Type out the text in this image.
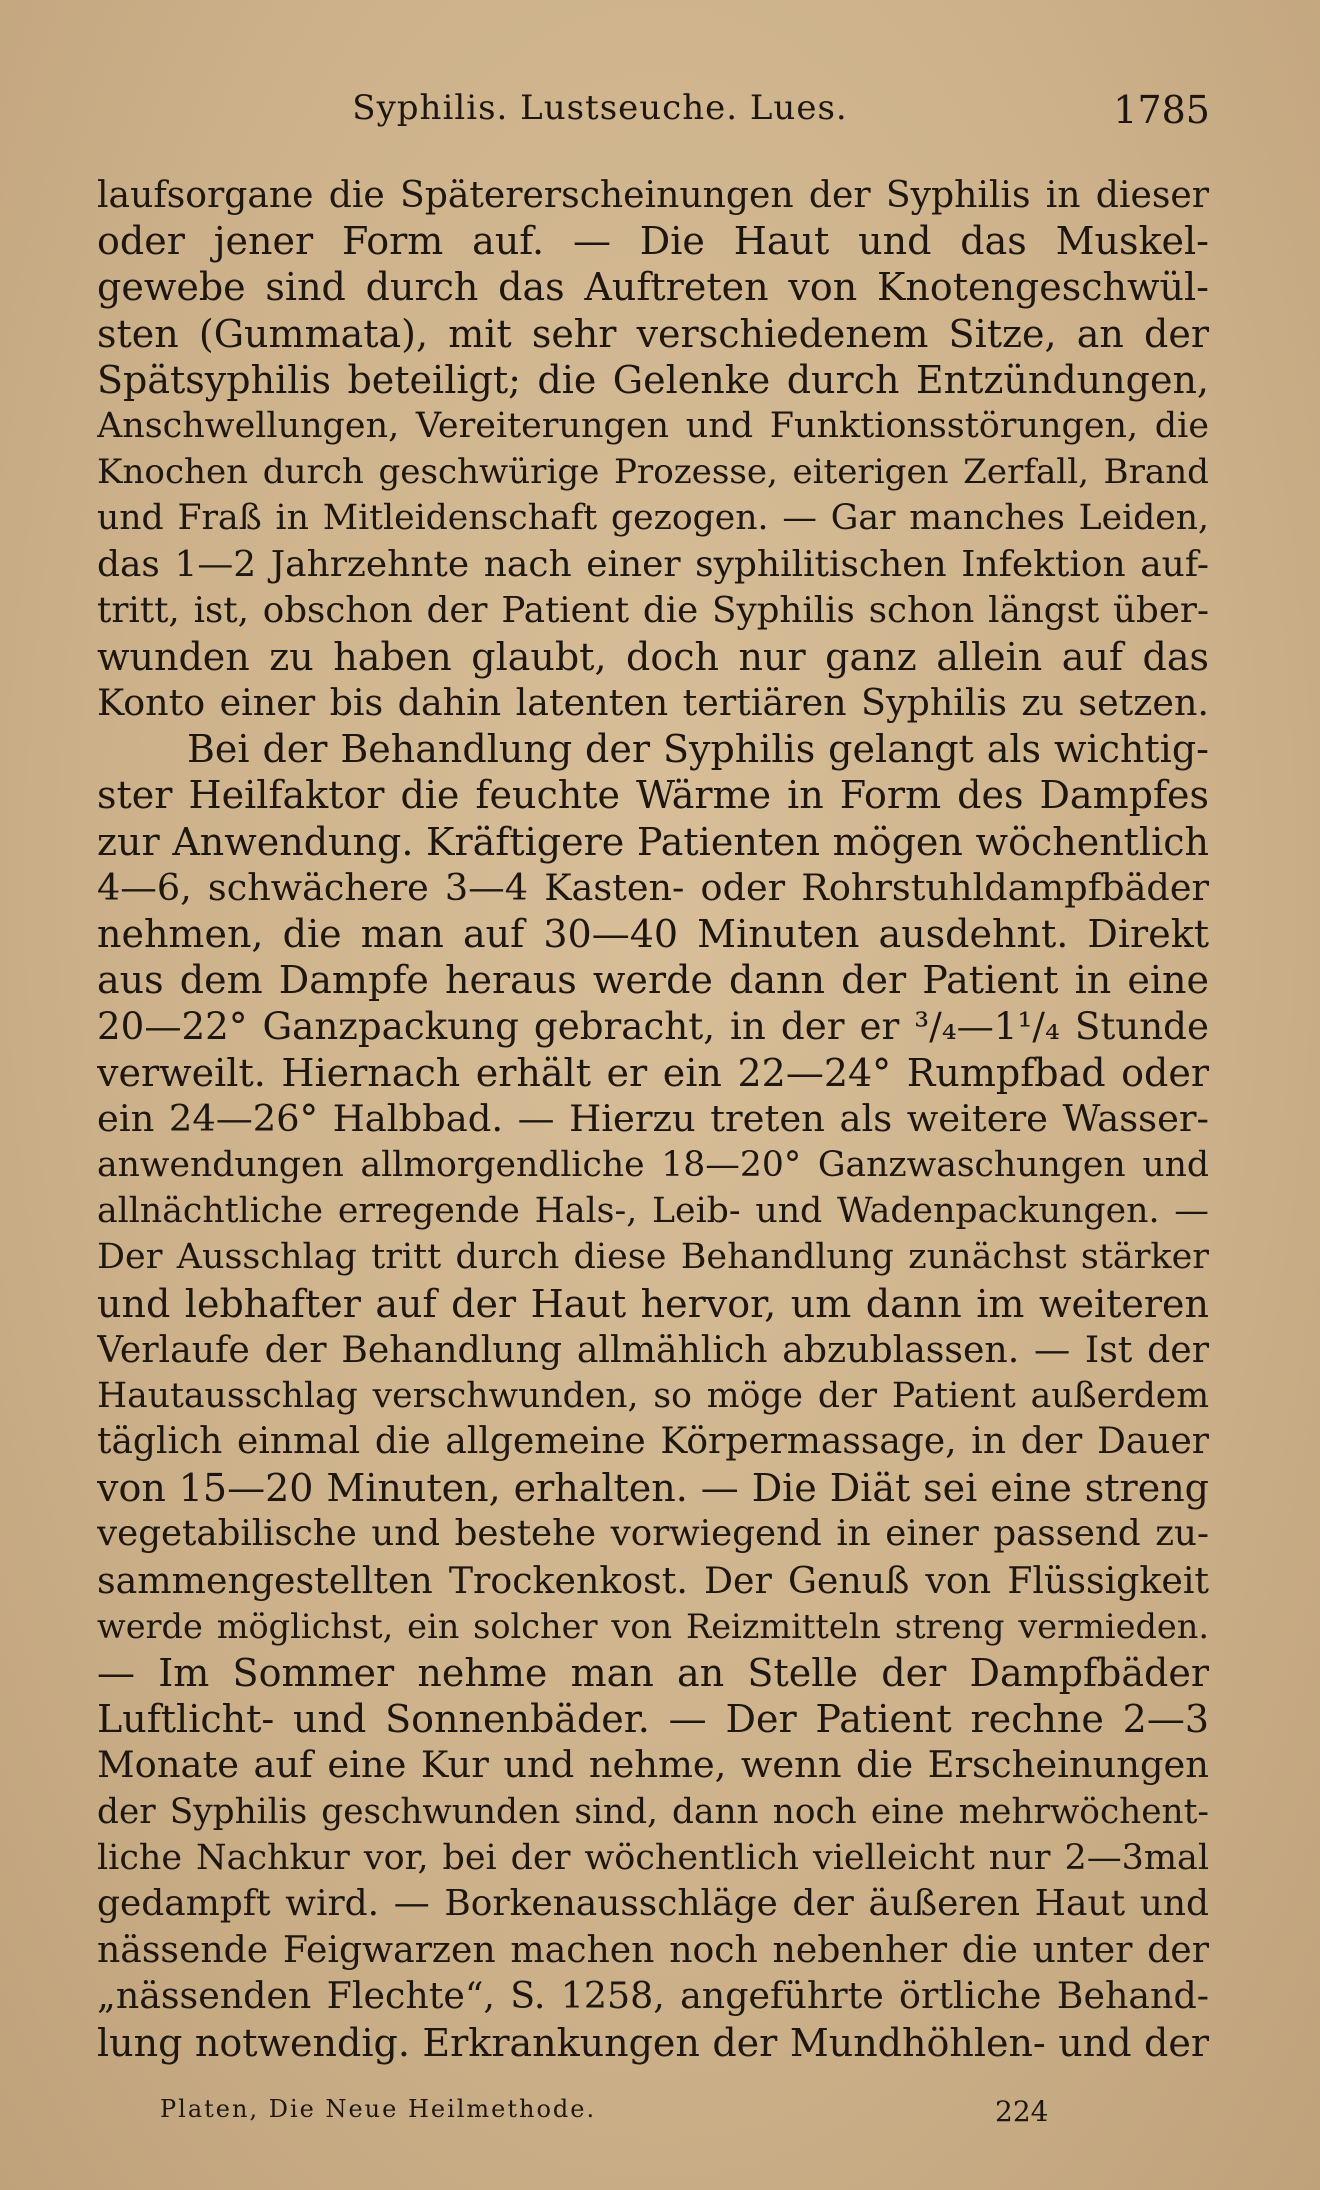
Syphilis. Lustseuche. Lues.	1785
laufsorgane die Spätererscheinungen der Syphilis in dieser
oder jener Form auf. — Die Haut und das Muskel-
gewebe sind durch das Auftreten von Knotengeschwül-
sten (Gummata), mit sehr verschiedenem Sitze, an der
Spätsyphilis beteiligt; die Gelenke durch Entzündungen,
Anschwellungen, Vereiterungen und Funktionsstörungen, die
Knochen durch geschwürige Prozesse, eiterigen Zerfall, Brand
und Fraß in Mitleidenschaft gezogen. — Gar manches Leiden,
das 1—2 Jahrzehnte nach einer syphilitischen Infektion auf-
tritt, ist, obschon der Patient die Syphilis schon längst über-
wunden zu haben glaubt, doch nur ganz allein auf das
Konto einer bis dahin latenten tertiären Syphilis zu setzen.
Bei der Behandlung der Syphilis gelangt als wichtig-
ster Heilfaktor die feuchte Wärme in Form des Dampfes
zur Anwendung. Kräftigere Patienten mögen wöchentlich
4—6, schwächere 3—4 Kasten- oder Rohrstuhldampfbäder
nehmen, die man auf 30—40 Minuten ausdehnt. Direkt
aus dem Dampfe heraus werde dann der Patient in eine
20—22° Ganzpackung gebracht, in der er ³/₄—1¹/₄ Stunde
verweilt. Hiernach erhält er ein 22—24° Rumpfbad oder
ein 24—26° Halbbad. — Hierzu treten als weitere Wasser-
anwendungen allmorgendliche 18—20° Ganzwaschungen und
allnächtliche erregende Hals-, Leib- und Wadenpackungen. —
Der Ausschlag tritt durch diese Behandlung zunächst stärker
und lebhafter auf der Haut hervor, um dann im weiteren
Verlaufe der Behandlung allmählich abzublassen. — Ist der
Hautausschlag verschwunden, so möge der Patient außerdem
täglich einmal die allgemeine Körpermassage, in der Dauer
von 15—20 Minuten, erhalten. — Die Diät sei eine streng
vegetabilische und bestehe vorwiegend in einer passend zu-
sammengestellten Trockenkost. Der Genuß von Flüssigkeit
werde möglichst, ein solcher von Reizmitteln streng vermieden.
— Im Sommer nehme man an Stelle der Dampfbäder
Luftlicht- und Sonnenbäder. — Der Patient rechne 2—3
Monate auf eine Kur und nehme, wenn die Erscheinungen
der Syphilis geschwunden sind, dann noch eine mehrwöchent-
liche Nachkur vor, bei der wöchentlich vielleicht nur 2—3mal
gedampft wird. — Borkenausschläge der äußeren Haut und
nässende Feigwarzen machen noch nebenher die unter der
„nässenden Flechte“, S. 1258, angeführte örtliche Behand-
lung notwendig. Erkrankungen der Mundhöhlen- und der
Platen, Die Neue Heilmethode.	224
